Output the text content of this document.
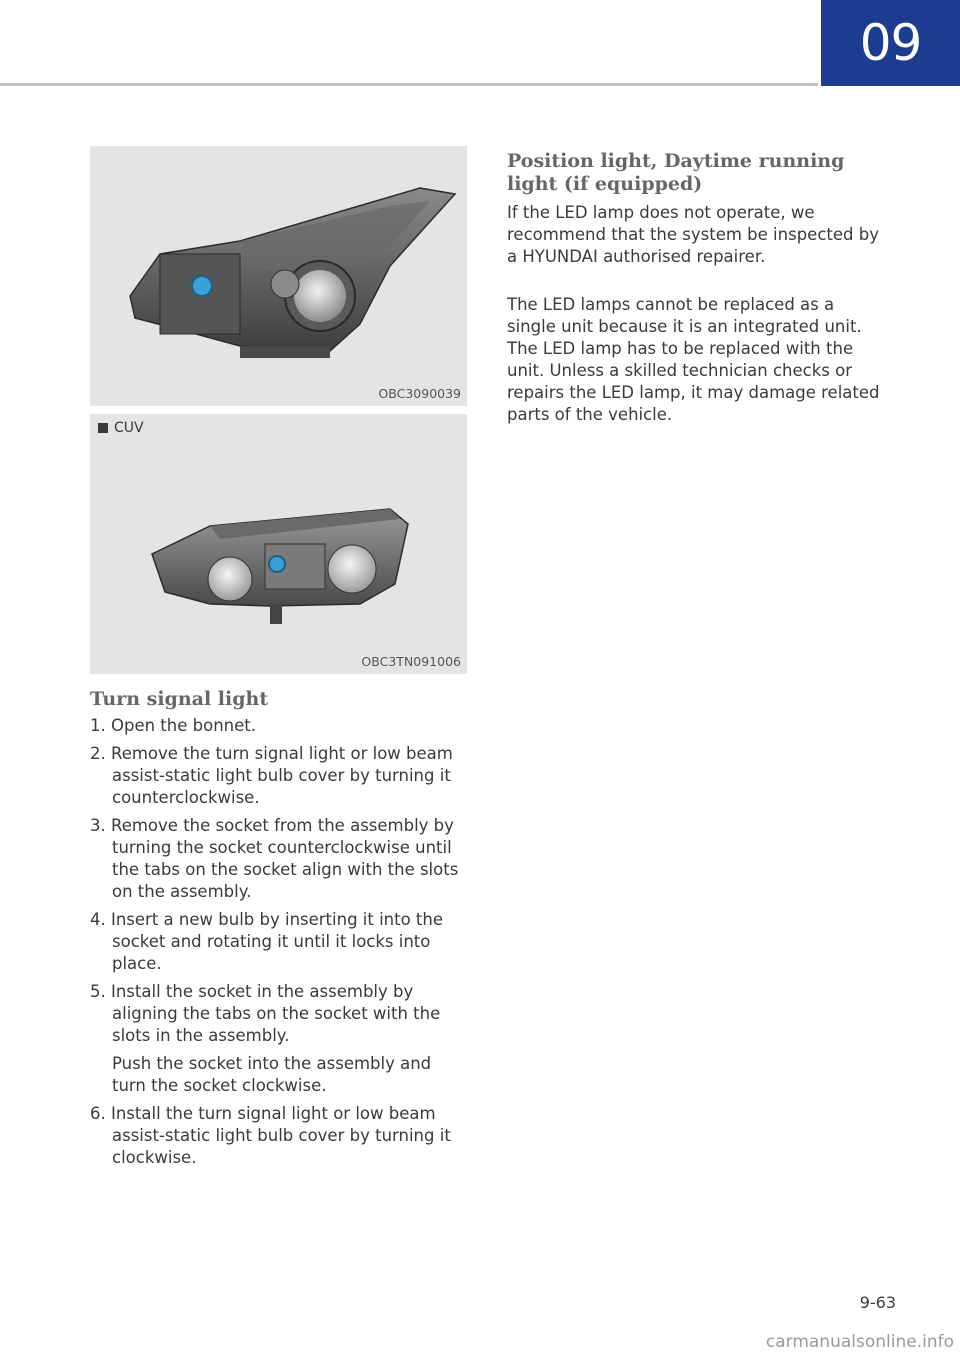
09
OBC3090039
CUV
OBC3TN091006
Turn signal light
1. Open the bonnet.
2. Remove the turn signal light or low beam assist-static light bulb cover by turning it counterclockwise.
3. Remove the socket from the assembly by turning the socket counterclockwise until the tabs on the socket align with the slots on the assembly.
4. Insert a new bulb by inserting it into the socket and rotating it until it locks into place.
5. Install the socket in the assembly by aligning the tabs on the socket with the slots in the assembly.

Push the socket into the assembly and turn the socket clockwise.

6. Install the turn signal light or low beam assist-static light bulb cover by turning it clockwise.
Position light, Daytime running light (if equipped)

If the LED lamp does not operate, we recommend that the system be inspected by a HYUNDAI authorised repairer.

The LED lamps cannot be replaced as a single unit because it is an integrated unit. The LED lamp has to be replaced with the unit. Unless a skilled technician checks or repairs the LED lamp, it may damage related parts of the vehicle.

9-63
carmanualsonline.info
